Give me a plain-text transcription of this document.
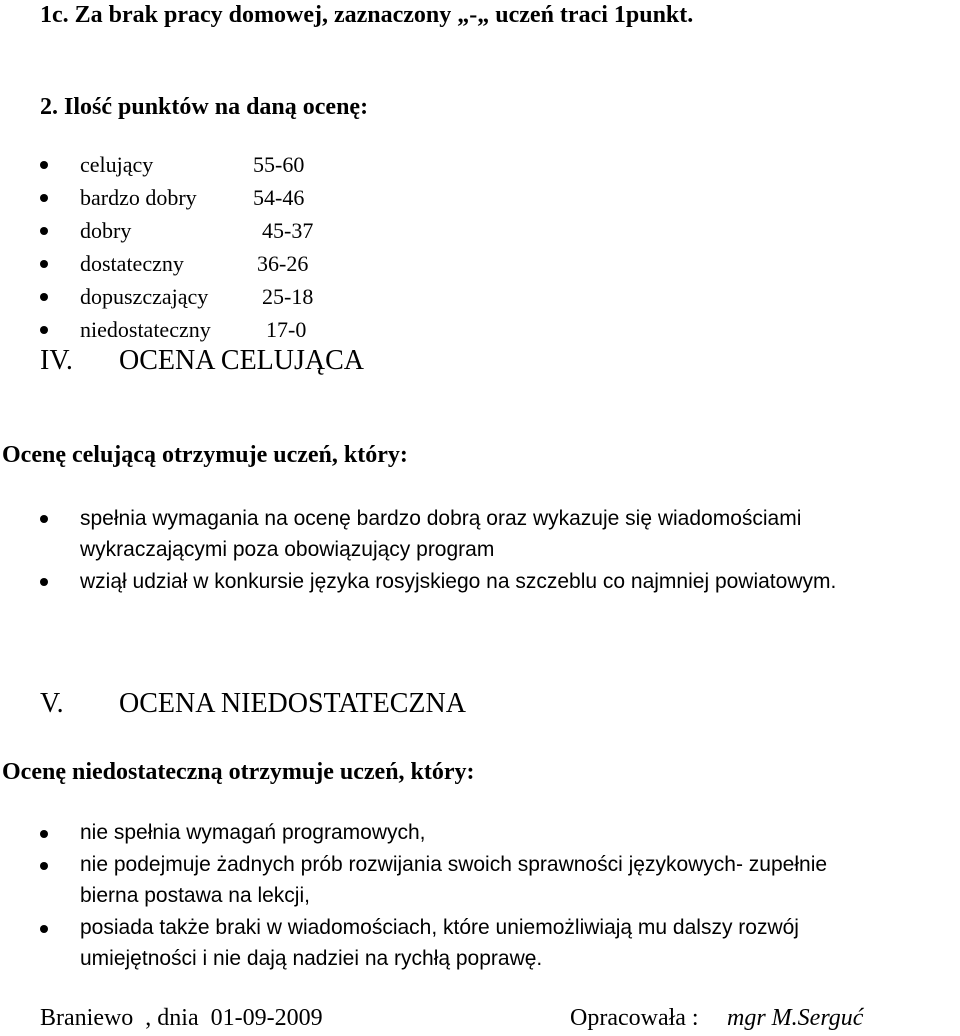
1c. Za brak pracy domowej, zaznaczony „-„ uczeń traci 1punkt.
2. Ilość punktów na daną ocenę:
celujący	55-60
bardzo dobry	54-46
dobry	45-37
dostateczny	36-26
dopuszczający 25-18
niedostateczny	17-0
IV. OCENA CELUJĄCA
Ocenę celującą otrzymuje uczeń, który:
spełnia wymagania na ocenę bardzo dobrą oraz wykazuje się wiadomościami
wykraczającymi poza obowiązujący program
wziął udział w konkursie języka rosyjskiego na szczeblu co najmniej powiatowym.
V. OCENA NIEDOSTATECZNA
Ocenę niedostateczną otrzymuje uczeń, który:
nie spełnia wymagań programowych,
nie podejmuje żadnych prób rozwijania swoich sprawności językowych- zupełnie
bierna postawa na lekcji,
posiada także braki w wiadomościach, które uniemożliwiają mu dalszy rozwój
umiejętności i nie dają nadziei na rychłą poprawę.
Braniewo  , dnia  01-09-2009	Opracowała : mgr M.Serguć
